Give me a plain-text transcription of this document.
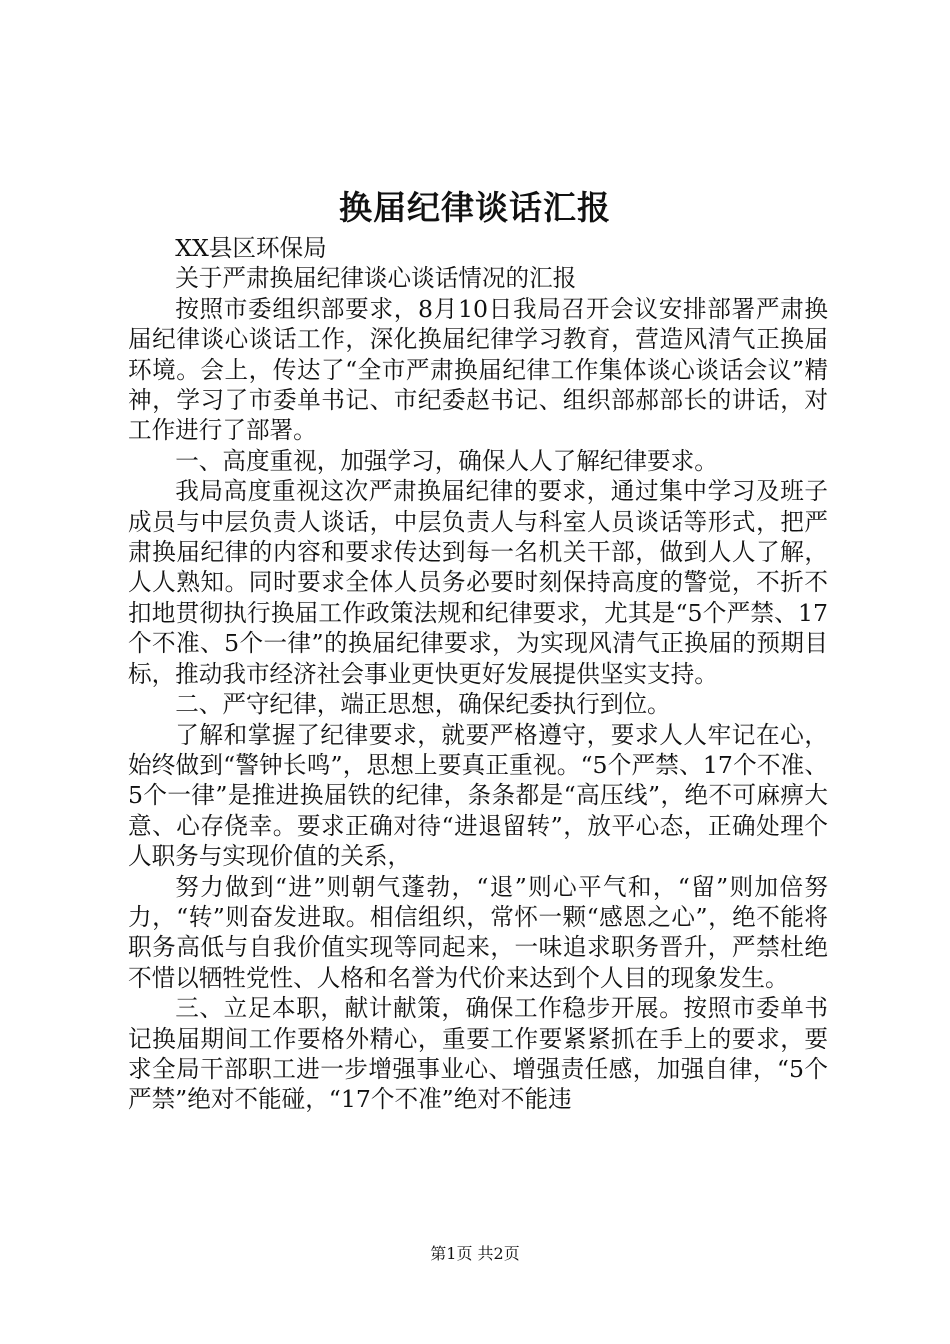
换届纪律谈话汇报

XX县区环保局

关于严肃换届纪律谈心谈话情况的汇报

按照市委组织部要求，8月10日我局召开会议安排部署严肃换届纪律谈心谈话工作，深化换届纪律学习教育，营造风清气正换届环境。会上，传达了“全市严肃换届纪律工作集体谈心谈话会议”精神，学习了市委单书记、市纪委赵书记、组织部郝部长的讲话，对工作进行了部署。

一、高度重视，加强学习，确保人人了解纪律要求。

我局高度重视这次严肃换届纪律的要求，通过集中学习及班子成员与中层负责人谈话，中层负责人与科室人员谈话等形式，把严肃换届纪律的内容和要求传达到每一名机关干部，做到人人了解，人人熟知。同时要求全体人员务必要时刻保持高度的警觉，不折不扣地贯彻执行换届工作政策法规和纪律要求，尤其是“5个严禁、17个不准、5个一律”的换届纪律要求，为实现风清气正换届的预期目标，推动我市经济社会事业更快更好发展提供坚实支持。

二、严守纪律，端正思想，确保纪委执行到位。

了解和掌握了纪律要求，就要严格遵守，要求人人牢记在心，始终做到“警钟长鸣”，思想上要真正重视。“5个严禁、17个不准、5个一律”是推进换届铁的纪律，条条都是“高压线”，绝不可麻痹大意、心存侥幸。要求正确对待“进退留转”，放平心态，正确处理个人职务与实现价值的关系，

努力做到“进”则朝气蓬勃，“退”则心平气和，“留”则加倍努力，“转”则奋发进取。相信组织，常怀一颗“感恩之心”，绝不能将职务高低与自我价值实现等同起来，一味追求职务晋升，严禁杜绝不惜以牺牲党性、人格和名誉为代价来达到个人目的现象发生。

三、立足本职，献计献策，确保工作稳步开展。按照市委单书记换届期间工作要格外精心，重要工作要紧紧抓在手上的要求，要求全局干部职工进一步增强事业心、增强责任感，加强自律，“5个严禁”绝对不能碰，“17个不准”绝对不能违

第1页 共2页
